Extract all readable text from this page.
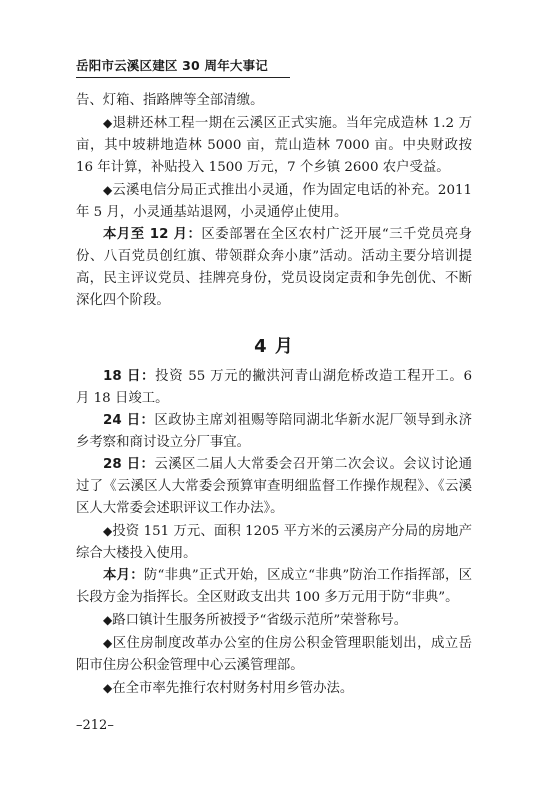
岳阳市云溪区建区 30 周年大事记

告、灯箱、指路牌等全部清缴。

◆退耕还林工程一期在云溪区正式实施。当年完成造林 1.2 万亩，其中坡耕地造林 5000 亩，荒山造林 7000 亩。中央财政按 16 年计算，补贴投入 1500 万元，7 个乡镇 2600 农户受益。

◆云溪电信分局正式推出小灵通，作为固定电话的补充。2011 年 5 月，小灵通基站退网，小灵通停止使用。

本月至 12 月：区委部署在全区农村广泛开展“三千党员亮身份、八百党员创红旗、带领群众奔小康”活动。活动主要分培训提高，民主评议党员、挂牌亮身份，党员设岗定责和争先创优、不断深化四个阶段。

4 月

18 日：投资 55 万元的撇洪河青山湖危桥改造工程开工。6 月 18 日竣工。

24 日：区政协主席刘祖赐等陪同湖北华新水泥厂领导到永济乡考察和商讨设立分厂事宜。

28 日：云溪区二届人大常委会召开第二次会议。会议讨论通过了《云溪区人大常委会预算审查明细监督工作操作规程》、《云溪区人大常委会述职评议工作办法》。

◆投资 151 万元、面积 1205 平方米的云溪房产分局的房地产综合大楼投入使用。

本月：防“非典”正式开始，区成立“非典”防治工作指挥部，区长段方金为指挥长。全区财政支出共 100 多万元用于防“非典”。

◆路口镇计生服务所被授予“省级示范所”荣誉称号。

◆区住房制度改革办公室的住房公积金管理职能划出，成立岳阳市住房公积金管理中心云溪管理部。

◆在全市率先推行农村财务村用乡管办法。

–212–
